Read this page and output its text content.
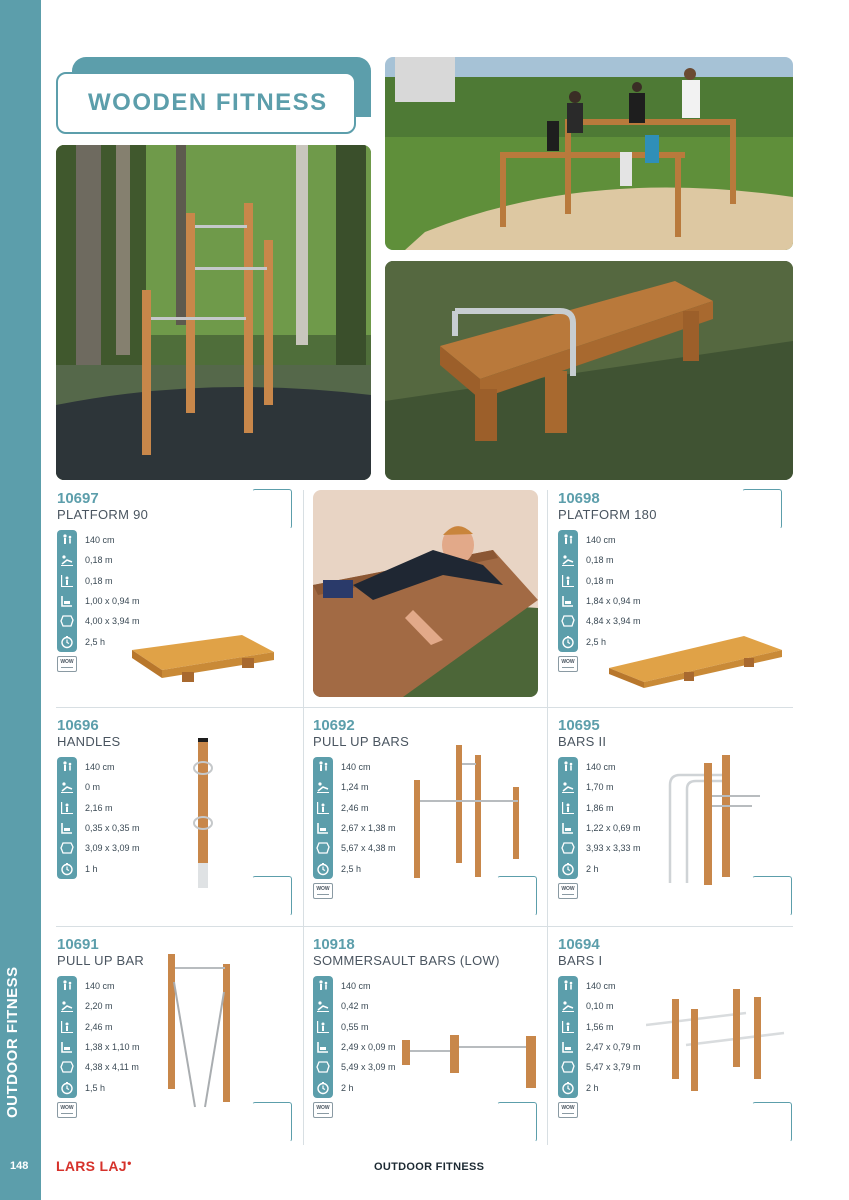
OUTDOOR FITNESS
148
WOODEN FITNESS
10697
PLATFORM 90
140 cm
0,18 m
0,18 m
1,00 x 0,94 m
4,00 x 3,94 m
2,5 h
WOW
10698
PLATFORM 180
140 cm
0,18 m
0,18 m
1,84 x 0,94 m
4,84 x 3,94 m
2,5 h
WOW
10696
HANDLES
140 cm
0 m
2,16 m
0,35 x 0,35 m
3,09 x 3,09 m
1 h
10692
PULL UP BARS
140 cm
1,24 m
2,46 m
2,67 x 1,38 m
5,67 x 4,38 m
2,5 h
WOW
10695
BARS II
140 cm
1,70 m
1,86 m
1,22 x 0,69 m
3,93 x 3,33 m
2 h
WOW
10691
PULL UP BAR
140 cm
2,20 m
2,46 m
1,38 x 1,10 m
4,38 x 4,11 m
1,5 h
WOW
10918
SOMMERSAULT BARS (LOW)
140 cm
0,42 m
0,55 m
2,49 x 0,09 m
5,49 x 3,09 m
2 h
WOW
10694
BARS I
140 cm
0,10 m
1,56 m
2,47 x 0,79 m
5,47 x 3,79 m
2 h
WOW
LARS LAJ●	OUTDOOR FITNESS
